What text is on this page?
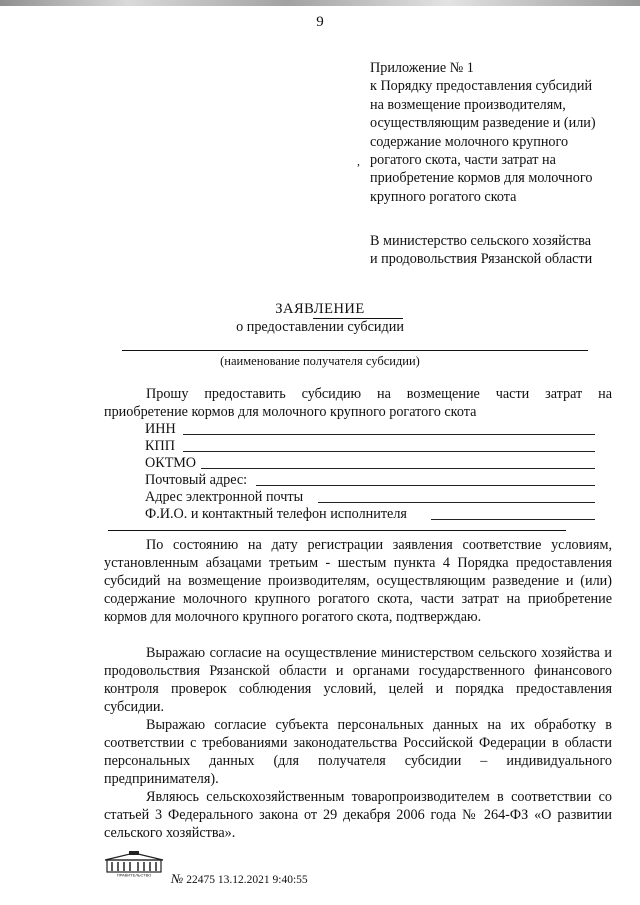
9
Приложение № 1
к Порядку предоставления субсидий
на возмещение производителям,
осуществляющим разведение и (или)
содержание молочного крупного
рогатого скота, части затрат на
приобретение кормов для молочного
крупного рогатого скота
,
В министерство сельского хозяйства
и продовольствия Рязанской области
ЗАЯВЛЕНИЕ
о предоставлении субсидии
(наименование получателя субсидии)
Прошу предоставить субсидию на возмещение части затрат на
приобретение кормов для молочного крупного рогатого скота
ИНН
КПП
ОКТМО
Почтовый адрес:
Адрес электронной почты
Ф.И.О. и контактный телефон исполнителя
По состоянию на дату регистрации заявления соответствие условиям, установленным абзацами третьим - шестым пункта 4 Порядка предоставления субсидий на возмещение производителям, осуществляющим разведение и (или) содержание молочного крупного рогатого скота, части затрат на приобретение кормов для молочного крупного рогатого скота, подтверждаю.
Выражаю согласие на осуществление министерством сельского хозяйства и продовольствия Рязанской области и органами государственного финансового контроля проверок соблюдения условий, целей и порядка предоставления субсидии.
Выражаю согласие субъекта персональных данных на их обработку в соответствии с требованиями законодательства Российской Федерации в области персональных данных (для получателя субсидии – индивидуального предпринимателя).
Являюсь сельскохозяйственным товаропроизводителем в соответствии со статьей 3 Федерального закона от 29 декабря 2006 года № 264-ФЗ «О развитии сельского хозяйства».
ПРАВИТЕЛЬСТВО № 22475 13.12.2021 9:40:55
